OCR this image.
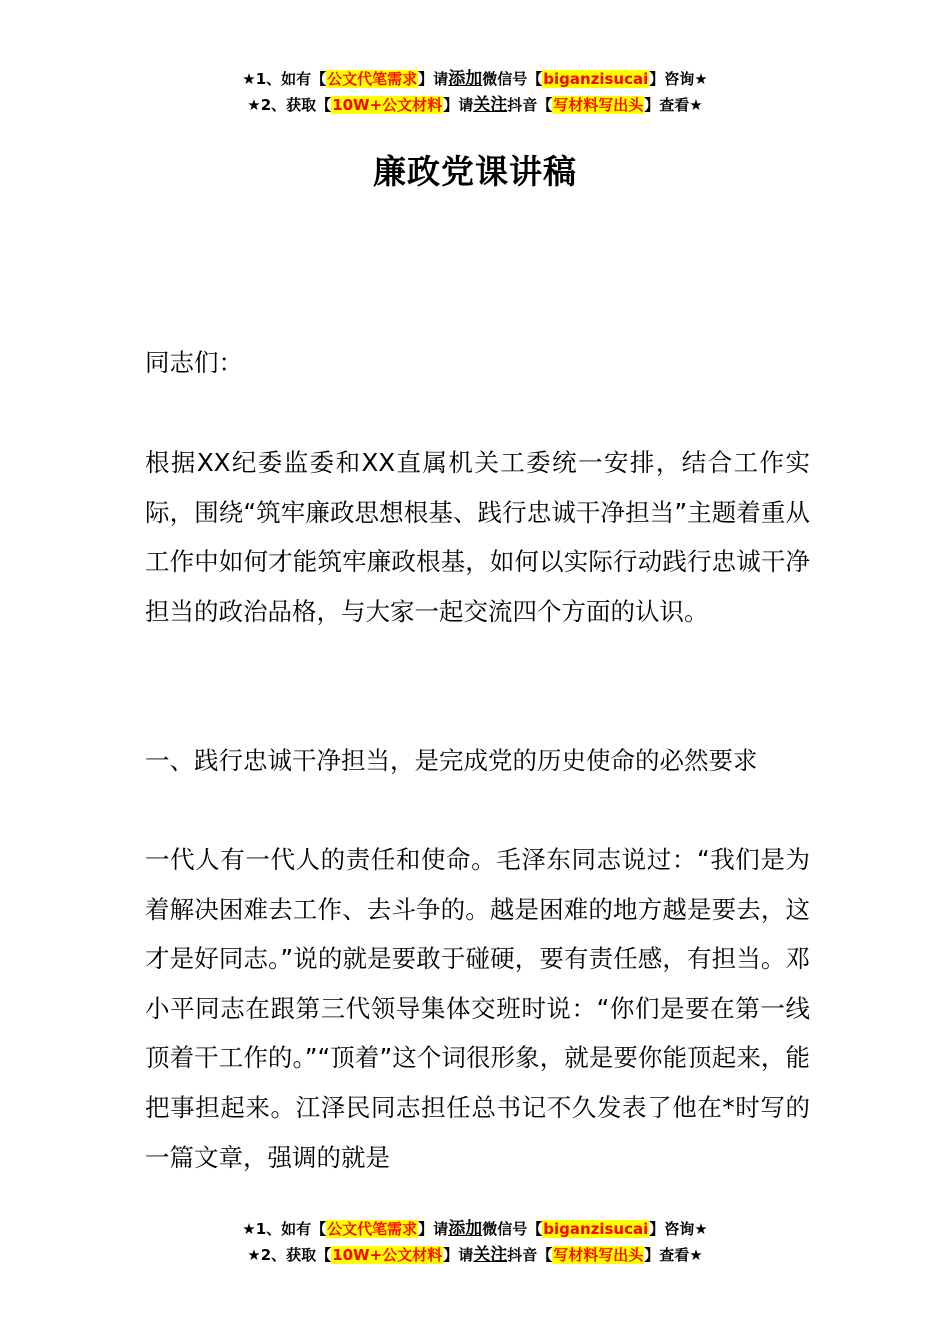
★1、如有【公文代笔需求】请添加微信号【biganzisucai】咨询★
★2、获取【10W+公文材料】请关注抖音【写材料写出头】查看★
廉政党课讲稿
同志们：
根据XX纪委监委和XX直属机关工委统一安排，结合工作实际，围绕“筑牢廉政思想根基、践行忠诚干净担当”主题着重从工作中如何才能筑牢廉政根基，如何以实际行动践行忠诚干净担当的政治品格，与大家一起交流四个方面的认识。
一、践行忠诚干净担当，是完成党的历史使命的必然要求
一代人有一代人的责任和使命。毛泽东同志说过：“我们是为着解决困难去工作、去斗争的。越是困难的地方越是要去，这才是好同志。”说的就是要敢于碰硬，要有责任感，有担当。邓小平同志在跟第三代领导集体交班时说：“你们是要在第一线顶着干工作的。”“顶着”这个词很形象，就是要你能顶起来，能把事担起来。江泽民同志担任总书记不久发表了他在*时写的一篇文章，强调的就是
★1、如有【公文代笔需求】请添加微信号【biganzisucai】咨询★
★2、获取【10W+公文材料】请关注抖音【写材料写出头】查看★
